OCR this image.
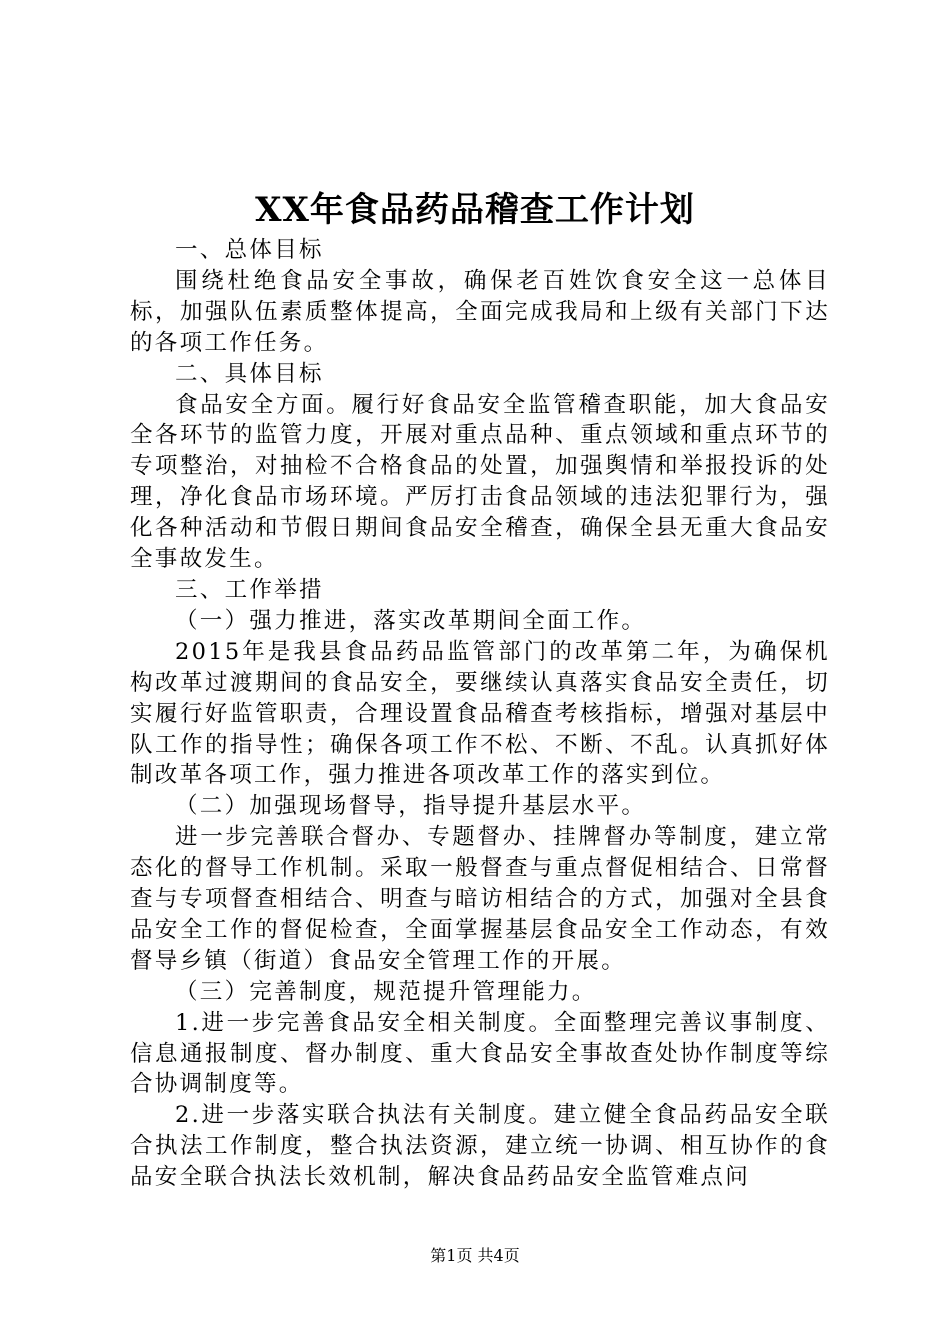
XX年食品药品稽查工作计划

一、总体目标

围绕杜绝食品安全事故，确保老百姓饮食安全这一总体目标，加强队伍素质整体提高，全面完成我局和上级有关部门下达的各项工作任务。

二、具体目标

食品安全方面。履行好食品安全监管稽查职能，加大食品安全各环节的监管力度，开展对重点品种、重点领域和重点环节的专项整治，对抽检不合格食品的处置，加强舆情和举报投诉的处理，净化食品市场环境。严厉打击食品领域的违法犯罪行为，强化各种活动和节假日期间食品安全稽查，确保全县无重大食品安全事故发生。

三、工作举措

（一）强力推进，落实改革期间全面工作。

2015年是我县食品药品监管部门的改革第二年，为确保机构改革过渡期间的食品安全，要继续认真落实食品安全责任，切实履行好监管职责，合理设置食品稽查考核指标，增强对基层中队工作的指导性；确保各项工作不松、不断、不乱。认真抓好体制改革各项工作，强力推进各项改革工作的落实到位。

（二）加强现场督导，指导提升基层水平。

进一步完善联合督办、专题督办、挂牌督办等制度，建立常态化的督导工作机制。采取一般督查与重点督促相结合、日常督查与专项督查相结合、明查与暗访相结合的方式，加强对全县食品安全工作的督促检查，全面掌握基层食品安全工作动态，有效督导乡镇（街道）食品安全管理工作的开展。

（三）完善制度，规范提升管理能力。

1.进一步完善食品安全相关制度。全面整理完善议事制度、信息通报制度、督办制度、重大食品安全事故查处协作制度等综合协调制度等。

2.进一步落实联合执法有关制度。建立健全食品药品安全联合执法工作制度，整合执法资源，建立统一协调、相互协作的食品安全联合执法长效机制，解决食品药品安全监管难点问

第1页 共4页
